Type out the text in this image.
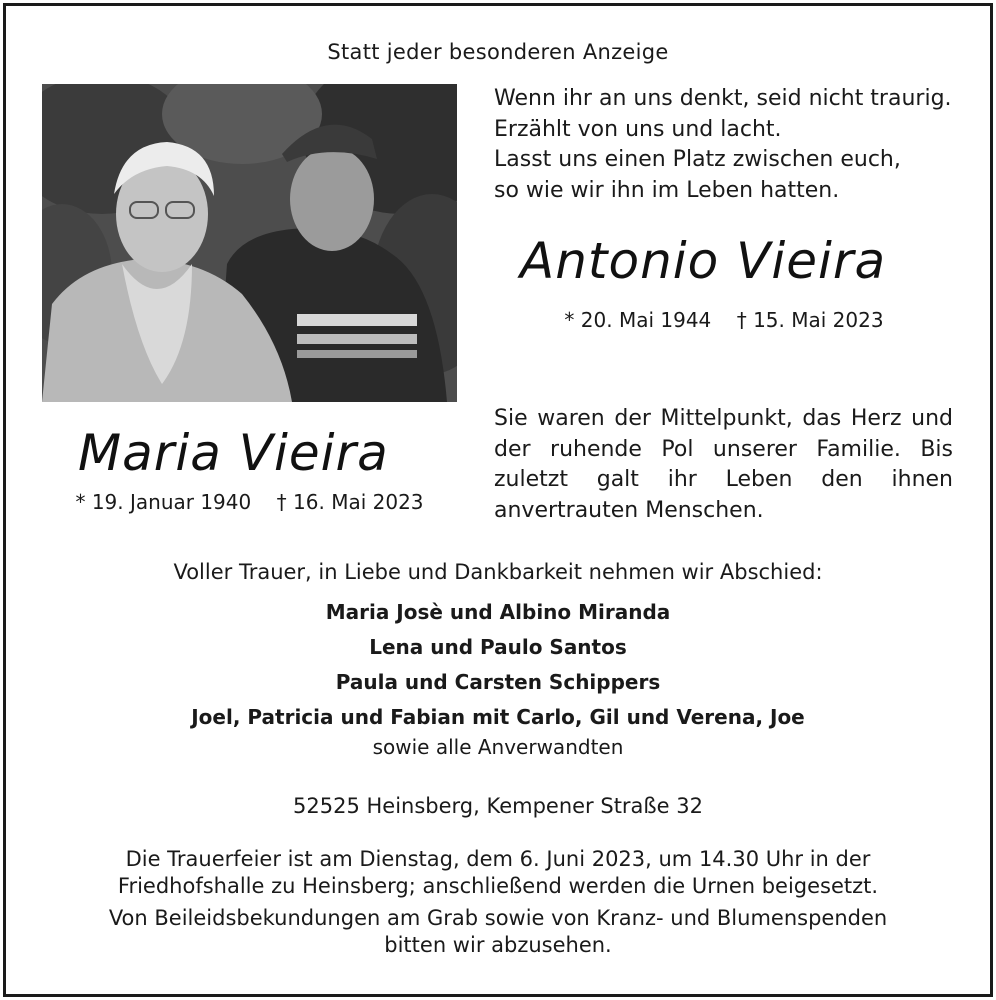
Statt jeder besonderen Anzeige
Wenn ihr an uns denkt, seid nicht traurig.
Erzählt von uns und lacht.
Lasst uns einen Platz zwischen euch,
so wie wir ihn im Leben hatten.
Antonio Vieira
* 20. Mai 1944 † 15. Mai 2023
Sie waren der Mittelpunkt, das Herz und
der ruhende Pol unserer Familie. Bis
zuletzt galt ihr Leben den ihnen
anvertrauten Menschen.
Maria Vieira
* 19. Januar 1940 † 16. Mai 2023
Voller Trauer, in Liebe und Dankbarkeit nehmen wir Abschied:
Maria Josè und Albino Miranda
Lena und Paulo Santos
Paula und Carsten Schippers
Joel, Patricia und Fabian mit Carlo, Gil und Verena, Joe
sowie alle Anverwandten
52525 Heinsberg, Kempener Straße 32
Die Trauerfeier ist am Dienstag, dem 6. Juni 2023, um 14.30 Uhr in der
Friedhofshalle zu Heinsberg; anschließend werden die Urnen beigesetzt.
Von Beileidsbekundungen am Grab sowie von Kranz- und Blumenspenden
bitten wir abzusehen.
